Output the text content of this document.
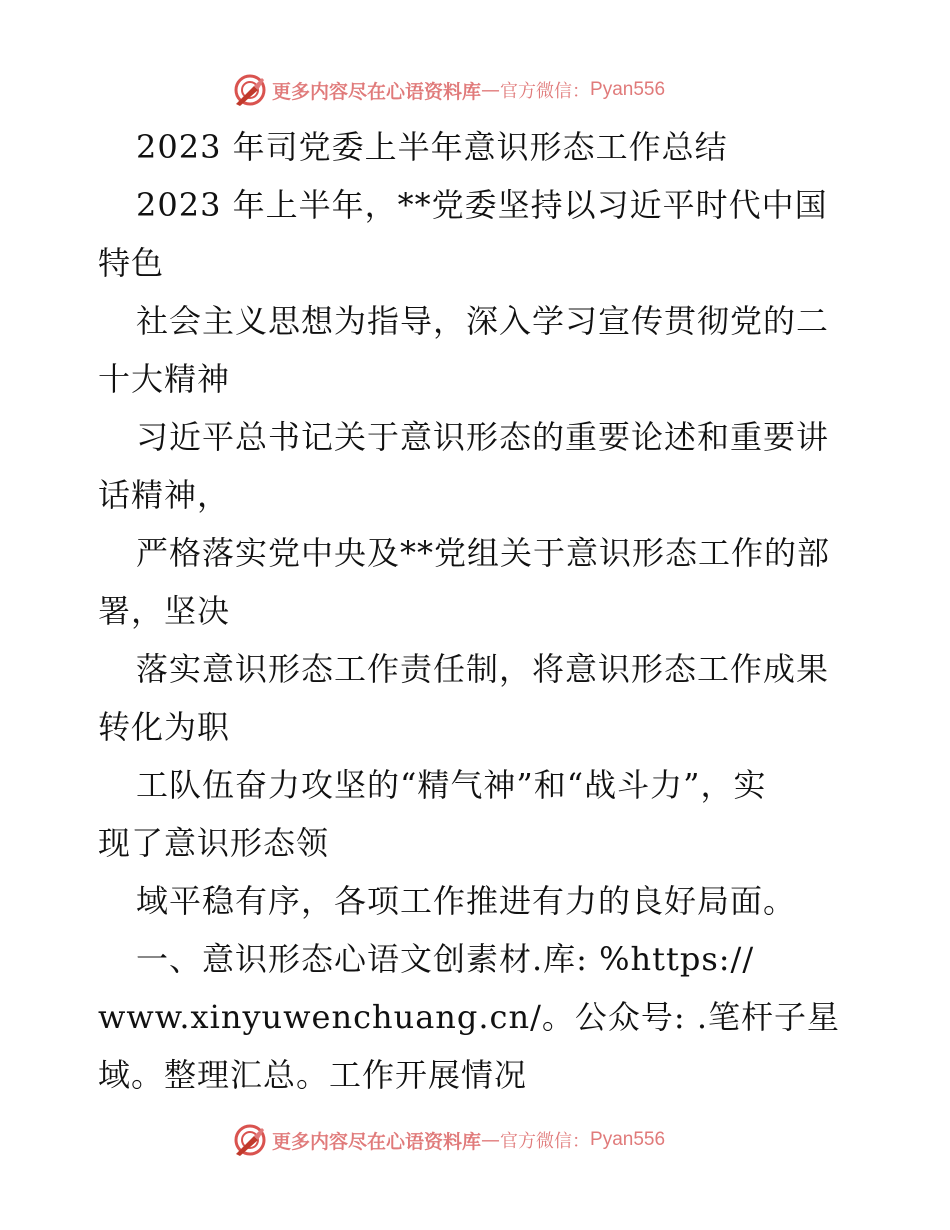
更多内容尽在心语资料库 — 官方微信： Pyan556
2023 年司党委上半年意识形态工作总结
2023 年上半年，**党委坚持以习近平时代中国
特色
社会主义思想为指导，深入学习宣传贯彻党的二
十大精神
习近平总书记关于意识形态的重要论述和重要讲
话精神，
严格落实党中央及**党组关于意识形态工作的部
署，坚决
落实意识形态工作责任制，将意识形态工作成果
转化为职
工队伍奋力攻坚的“精气神”和“战斗力”，实
现了意识形态领
域平稳有序，各项工作推进有力的良好局面。
一、意识形态心语文创素材.库: %https://
www.xinyuwenchuang.cn/。公众号: .笔杆子星
域。整理汇总。工作开展情况
更多内容尽在心语资料库 — 官方微信： Pyan556
